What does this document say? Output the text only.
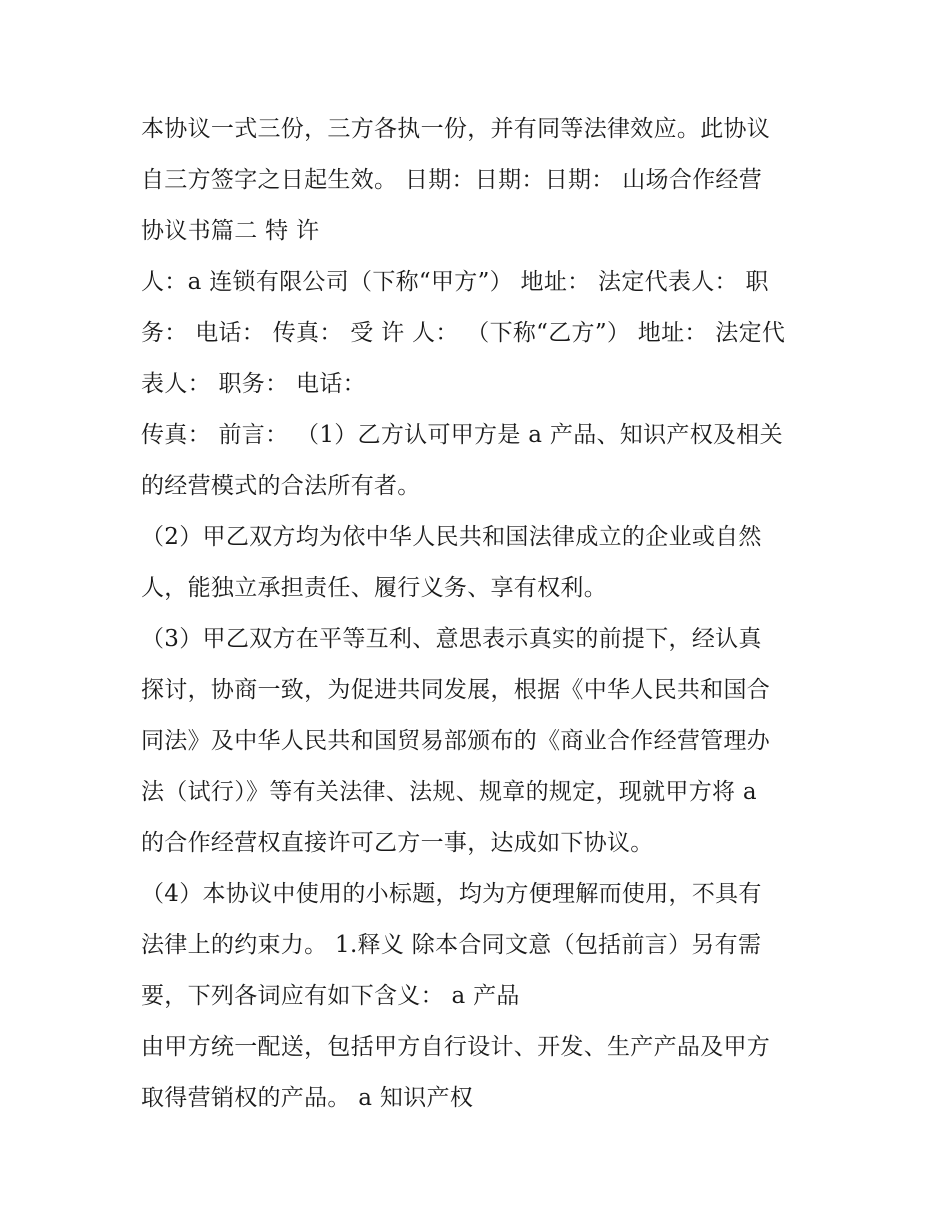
本协议一式三份，三方各执一份，并有同等法律效应。此协议
自三方签字之日起生效。 日期：日期：日期： 山场合作经营
协议书篇二 特 许
人：a 连锁有限公司（下称“甲方”） 地址： 法定代表人： 职
务： 电话： 传真： 受 许 人： （下称“乙方”） 地址： 法定代
表人： 职务： 电话：
传真： 前言： （1）乙方认可甲方是 a 产品、知识产权及相关
的经营模式的合法所有者。
（2）甲乙双方均为依中华人民共和国法律成立的企业或自然
人，能独立承担责任、履行义务、享有权利。
（3）甲乙双方在平等互利、意思表示真实的前提下，经认真
探讨，协商一致，为促进共同发展，根据《中华人民共和国合
同法》及中华人民共和国贸易部颁布的《商业合作经营管理办
法（试行）》等有关法律、法规、规章的规定，现就甲方将 a
的合作经营权直接许可乙方一事，达成如下协议。
（4）本协议中使用的小标题，均为方便理解而使用，不具有
法律上的约束力。 1.释义 除本合同文意（包括前言）另有需
要，下列各词应有如下含义： a 产品
由甲方统一配送，包括甲方自行设计、开发、生产产品及甲方
取得营销权的产品。 a 知识产权
